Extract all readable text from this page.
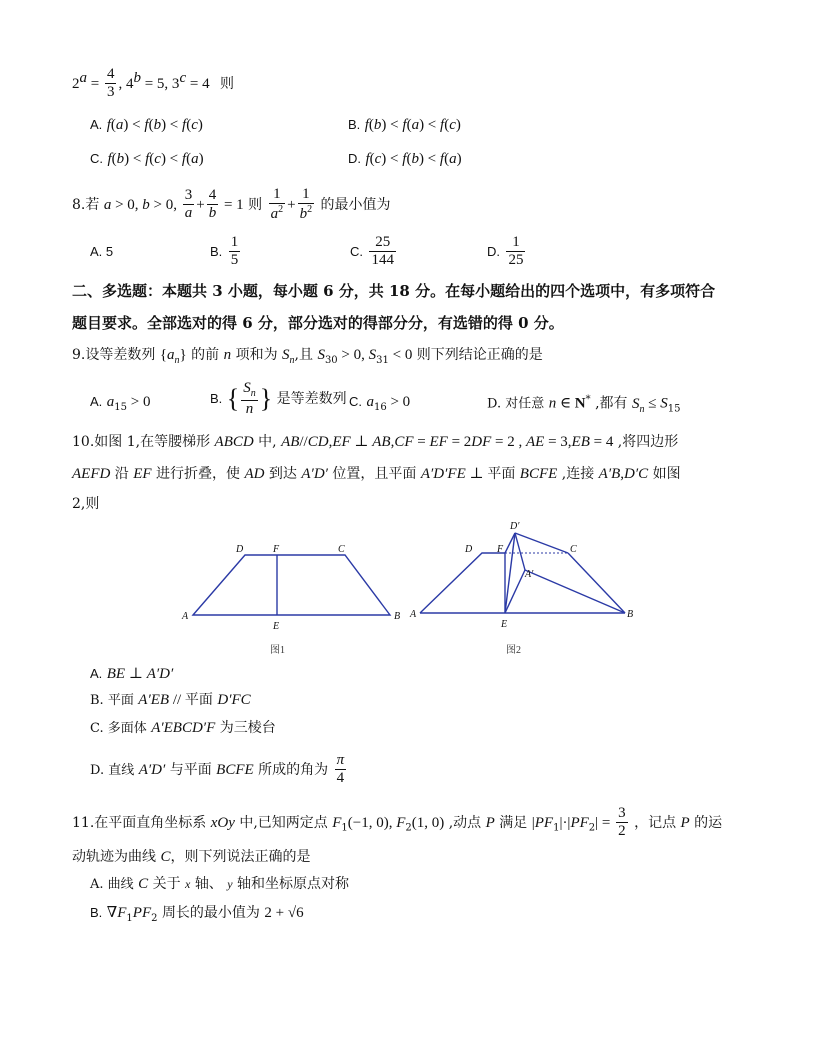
$2^a = \frac{4}{3}$ , $4^b = 5$, $3^c = 4$ 则
A. f(a) < f(b) < f(c)	B. f(b) < f(a) < f(c)
C. f(b) < f(c) < f(a)	D. f(c) < f(b) < f(a)
8.若 a > 0, b > 0, $\frac{3}{a} + \frac{4}{b} = 1$ 则 $\frac{1}{a^2} + \frac{1}{b^2}$ 的最小值为
A. 5	B. $\frac{1}{5}$	C. $\frac{25}{144}$	D. $\frac{1}{25}$
二、多选题：本题共 3 小题，每小题 6 分，共 18 分。在每小题给出的四个选项中，有多项符合
题目要求。全部选对的得 6 分，部分选对的得部分分，有选错的得 0 分。
9.设等差数列 $\{a_n\}$ 的前 n 项和为 $S_n$,且 $S_{30} > 0$, $S_{31} < 0$ 则下列结论正确的是
A. $a_{15} > 0$	B. { $\frac{S_n}{n}$ } 是等差数列 C. $a_{16} > 0$	D. 对任意 n ∈ N* ,都有 $S_n \le S_{15}$
10.如图 1,在等腰梯形 ABCD 中, AB//CD,EF ⊥ AB,CF = EF = 2DF = 2 , AE = 3,EB = 4 ,将四边形
AEFD 沿 EF 进行折叠，使 AD 到达 A′D′ 位置，且平面 A′D′FE ⊥ 平面 BCFE ,连接 A′B,D′C 如图
2,则
D	F	C
A
E
B
图1
D′
D F	C
A′
A
E
B
图2
A. BE ⊥ A′D′
B. 平面 A′EB // 平面 D′FC
C. 多面体 A′EBCD′F 为三棱台
D. 直线 A′D′ 与平面 BCFE 所成的角为 $\frac{\pi}{4}$
11.在平面直角坐标系 xOy 中,已知两定点 $F_1(-1$, 0), $F_2(1$, 0) ,动点 P 满足 $|PF_1|\cdot|PF_2| = \frac{3}{2}$ ，记点 P 的运
动轨迹为曲线 C，则下列说法正确的是
A. 曲线 C 关于 x 轴、 y 轴和坐标原点对称
B. $\nabla F_1PF_2$ 周长的最小值为 2 + √6
